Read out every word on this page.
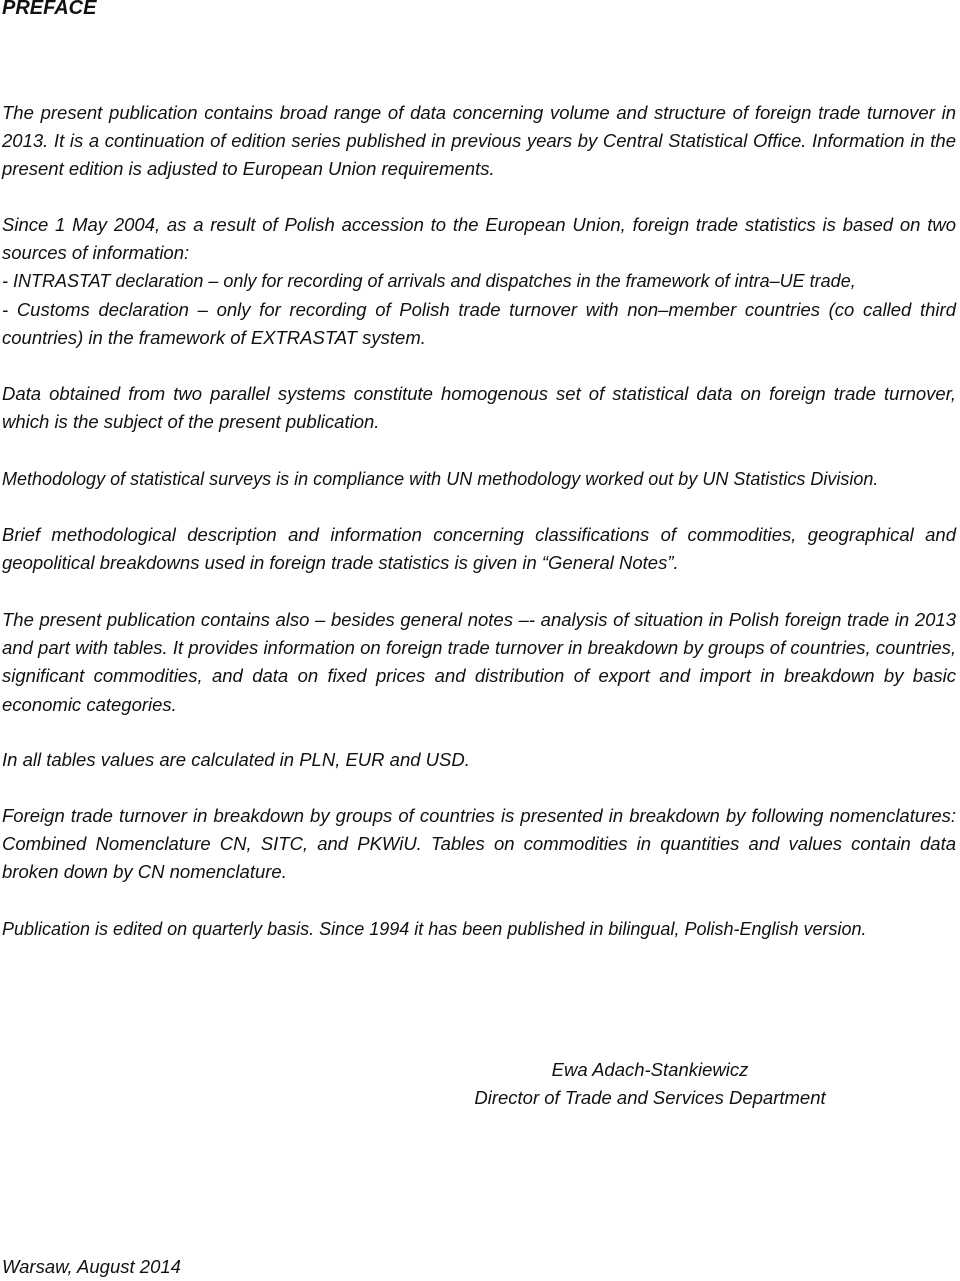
PREFACE

The present publication contains broad range of data concerning volume and structure of foreign trade turnover in 2013. It is a continuation of edition series published in previous years by Central Statistical Office. Information in the present edition is adjusted to European Union requirements.

Since 1 May 2004, as a result of Polish accession to the European Union, foreign trade statistics is based on two sources of information:

- INTRASTAT declaration – only for recording of arrivals and dispatches in the framework of intra–UE trade,

- Customs declaration – only for recording of Polish trade turnover with non–member countries (co called third countries) in the framework of EXTRASTAT system.

Data obtained from two parallel systems constitute homogenous set of statistical data on foreign trade turnover, which is the subject of the present publication.

Methodology of statistical surveys is in compliance with UN methodology worked out by UN Statistics Division.

Brief methodological description and information concerning classifications of commodities, geographical and geopolitical breakdowns used in foreign trade statistics is given in “General Notes”.

The present publication contains also – besides general notes –- analysis of situation in Polish foreign trade in 2013 and part with tables. It provides information on foreign trade turnover in breakdown by groups of countries, countries, significant commodities, and data on fixed prices and distribution of export and import in breakdown by basic economic categories.

In all tables values are calculated in PLN, EUR and USD.

Foreign trade turnover in breakdown by groups of countries is presented in breakdown by following nomenclatures: Combined Nomenclature CN, SITC, and PKWiU. Tables on commodities in quantities and values contain data broken down by CN nomenclature.

Publication is edited on quarterly basis. Since 1994 it has been published in bilingual, Polish-English version.

Ewa Adach-Stankiewicz

Director of Trade and Services Department

Warsaw, August 2014
